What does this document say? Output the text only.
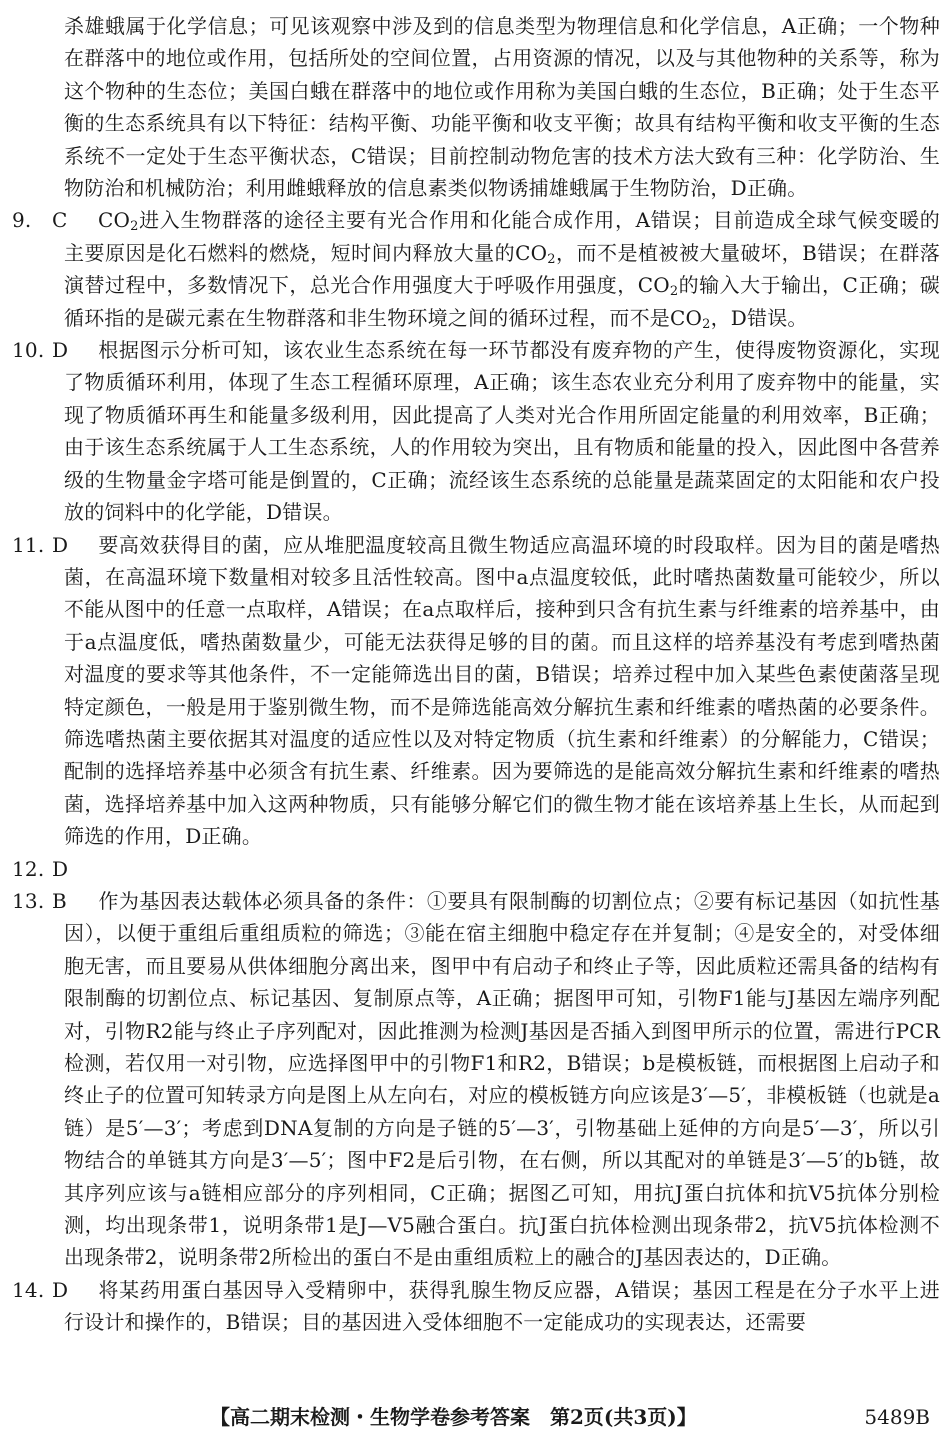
杀雄蛾属于化学信息；可见该观察中涉及到的信息类型为物理信息和化学信息，A正确；一个物种在群落中的地位或作用，包括所处的空间位置，占用资源的情况，以及与其他物种的关系等，称为这个物种的生态位；美国白蛾在群落中的地位或作用称为美国白蛾的生态位，B正确；处于生态平衡的生态系统具有以下特征：结构平衡、功能平衡和收支平衡；故具有结构平衡和收支平衡的生态系统不一定处于生态平衡状态，C错误；目前控制动物危害的技术方法大致有三种：化学防治、生物防治和机械防治；利用雌蛾释放的信息素类似物诱捕雄蛾属于生物防治，D正确。

9. C $CO_2$进入生物群落的途径主要有光合作用和化能合成作用，A错误；目前造成全球气候变暖的主要原因是化石燃料的燃烧，短时间内释放大量的$CO_2$，而不是植被被大量破坏，B错误；在群落演替过程中，多数情况下，总光合作用强度大于呼吸作用强度，$CO_2$的输入大于输出，C正确；碳循环指的是碳元素在生物群落和非生物环境之间的循环过程，而不是$CO_2$，D错误。

10. D 根据图示分析可知，该农业生态系统在每一环节都没有废弃物的产生，使得废物资源化，实现了物质循环利用，体现了生态工程循环原理，A正确；该生态农业充分利用了废弃物中的能量，实现了物质循环再生和能量多级利用，因此提高了人类对光合作用所固定能量的利用效率，B正确；由于该生态系统属于人工生态系统，人的作用较为突出，且有物质和能量的投入，因此图中各营养级的生物量金字塔可能是倒置的，C正确；流经该生态系统的总能量是蔬菜固定的太阳能和农户投放的饲料中的化学能，D错误。

11. D 要高效获得目的菌，应从堆肥温度较高且微生物适应高温环境的时段取样。因为目的菌是嗜热菌，在高温环境下数量相对较多且活性较高。图中a点温度较低，此时嗜热菌数量可能较少，所以不能从图中的任意一点取样，A错误；在a点取样后，接种到只含有抗生素与纤维素的培养基中，由于a点温度低，嗜热菌数量少，可能无法获得足够的目的菌。而且这样的培养基没有考虑到嗜热菌对温度的要求等其他条件，不一定能筛选出目的菌，B错误；培养过程中加入某些色素使菌落呈现特定颜色，一般是用于鉴别微生物，而不是筛选能高效分解抗生素和纤维素的嗜热菌的必要条件。筛选嗜热菌主要依据其对温度的适应性以及对特定物质（抗生素和纤维素）的分解能力，C错误；配制的选择培养基中必须含有抗生素、纤维素。因为要筛选的是能高效分解抗生素和纤维素的嗜热菌，选择培养基中加入这两种物质，只有能够分解它们的微生物才能在该培养基上生长，从而起到筛选的作用，D正确。

12. D

13. B 作为基因表达载体必须具备的条件：①要具有限制酶的切割位点；②要有标记基因（如抗性基因），以便于重组后重组质粒的筛选；③能在宿主细胞中稳定存在并复制；④是安全的，对受体细胞无害，而且要易从供体细胞分离出来，图甲中有启动子和终止子等，因此质粒还需具备的结构有限制酶的切割位点、标记基因、复制原点等，A正确；据图甲可知，引物F1能与J基因左端序列配对，引物R2能与终止子序列配对，因此推测为检测J基因是否插入到图甲所示的位置，需进行PCR检测，若仅用一对引物，应选择图甲中的引物F1和R2，B错误；b是模板链，而根据图上启动子和终止子的位置可知转录方向是图上从左向右，对应的模板链方向应该是3′—5′，非模板链（也就是a链）是5′—3′；考虑到DNA复制的方向是子链的5′—3′，引物基础上延伸的方向是5′—3′，所以引物结合的单链其方向是3′—5′；图中F2是后引物，在右侧，所以其配对的单链是3′—5′的b链，故其序列应该与a链相应部分的序列相同，C正确；据图乙可知，用抗J蛋白抗体和抗V5抗体分别检测，均出现条带1，说明条带1是J—V5融合蛋白。抗J蛋白抗体检测出现条带2，抗V5抗体检测不出现条带2，说明条带2所检出的蛋白不是由重组质粒上的融合的J基因表达的，D正确。

14. D 将某药用蛋白基因导入受精卵中，获得乳腺生物反应器，A错误；基因工程是在分子水平上进行设计和操作的，B错误；目的基因进入受体细胞不一定能成功的实现表达，还需要

【高二期末检测・生物学卷参考答案　第2页(共3页)】	5489B
